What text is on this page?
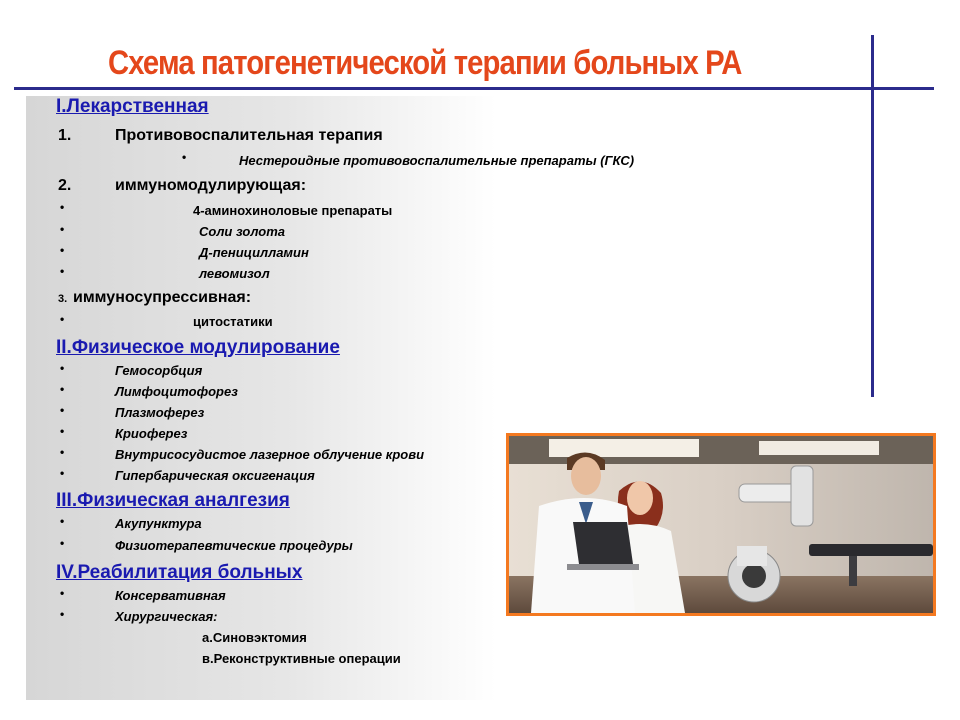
Схема патогенетической терапии больных РА
I.Лекарственная
1.	Противовоспалительная терапия
•	Нестероидные противовоспалительные препараты (ГКС)
2.	иммуномодулирующая:
•	4-аминохиноловые препараты
•	Соли золота
•	Д-пеницилламин
•	левомизол
3. иммуносупрессивная:
•	цитостатики
II.Физическое модулирование
•	Гемосорбция
•	Лимфоцитофорез
•	Плазмоферез
•	Криоферез
•	Внутрисосудистое лазерное облучение крови
•	Гипербарическая оксигенация
III.Физическая аналгезия
•	Акупунктура
•	Физиотерапевтические процедуры
IV.Реабилитация больных
•	Консервативная
•	Хирургическая:
а.Синовэктомия
в.Реконструктивные операции
